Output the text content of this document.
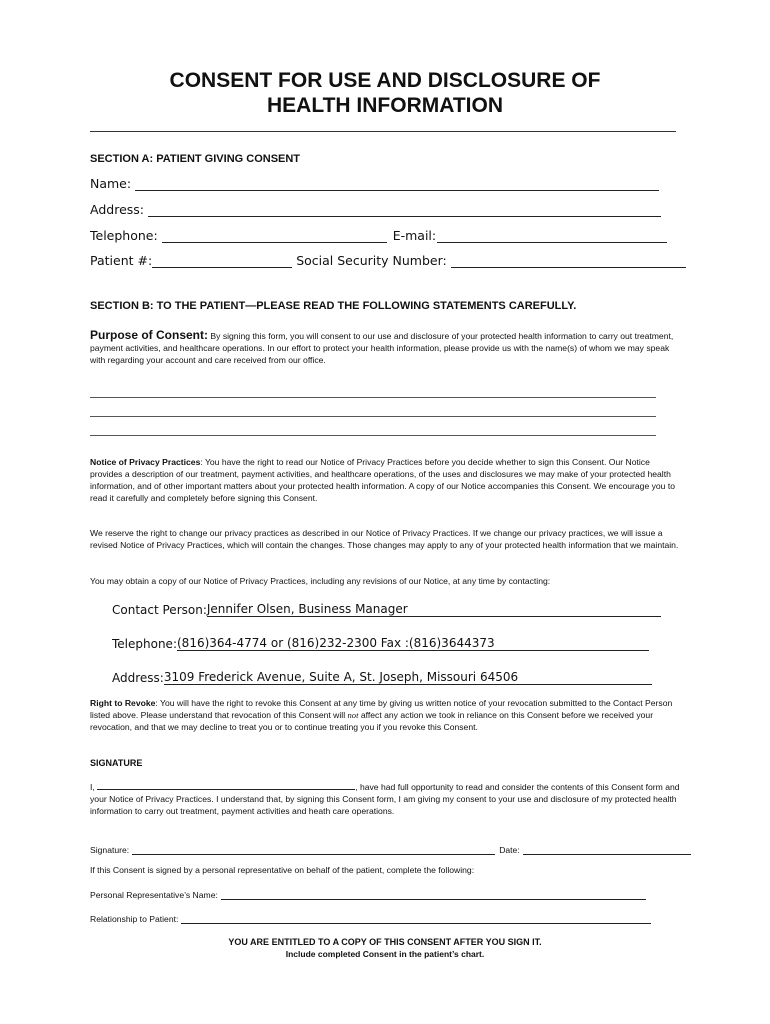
CONSENT FOR USE AND DISCLOSURE OF
HEALTH INFORMATION
SECTION A: PATIENT GIVING CONSENT
Name:
Address:
Telephone:	E-mail:
Patient #:	Social Security Number:
SECTION B: TO THE PATIENT—PLEASE READ THE FOLLOWING STATEMENTS CAREFULLY.
Purpose of Consent: By signing this form, you will consent to our use and disclosure of your protected health information to carry out treatment, payment activities, and healthcare operations. In our effort to protect your health information, please provide us with the name(s) of whom we may speak with regarding your account and care received from our office.
Notice of Privacy Practices: You have the right to read our Notice of Privacy Practices before you decide whether to sign this Consent. Our Notice provides a description of our treatment, payment activities, and healthcare operations, of the uses and disclosures we may make of your protected health information, and of other important matters about your protected health information. A copy of our Notice accompanies this Consent. We encourage you to read it carefully and completely before signing this Consent.
We reserve the right to change our privacy practices as described in our Notice of Privacy Practices. If we change our privacy practices, we will issue a revised Notice of Privacy Practices, which will contain the changes. Those changes may apply to any of your protected health information that we maintain.
You may obtain a copy of our Notice of Privacy Practices, including any revisions of our Notice, at any time by contacting:
Contact Person: Jennifer Olsen, Business Manager
Telephone: (816)364-4774 or (816)232-2300 Fax :(816)3644373
Address: 3109 Frederick Avenue, Suite A, St. Joseph, Missouri 64506
Right to Revoke: You will have the right to revoke this Consent at any time by giving us written notice of your revocation submitted to the Contact Person listed above. Please understand that revocation of this Consent will not affect any action we took in reliance on this Consent before we received your revocation, and that we may decline to treat you or to continue treating you if you revoke this Consent.
SIGNATURE
I,	, have had full opportunity to read and consider the contents of this Consent form and your Notice of Privacy Practices. I understand that, by signing this Consent form, I am giving my consent to your use and disclosure of my protected health information to carry out treatment, payment activities and heath care operations.
Signature:	Date:
If this Consent is signed by a personal representative on behalf of the patient, complete the following:
Personal Representative’s Name:
Relationship to Patient:
YOU ARE ENTITLED TO A COPY OF THIS CONSENT AFTER YOU SIGN IT.
Include completed Consent in the patient’s chart.
